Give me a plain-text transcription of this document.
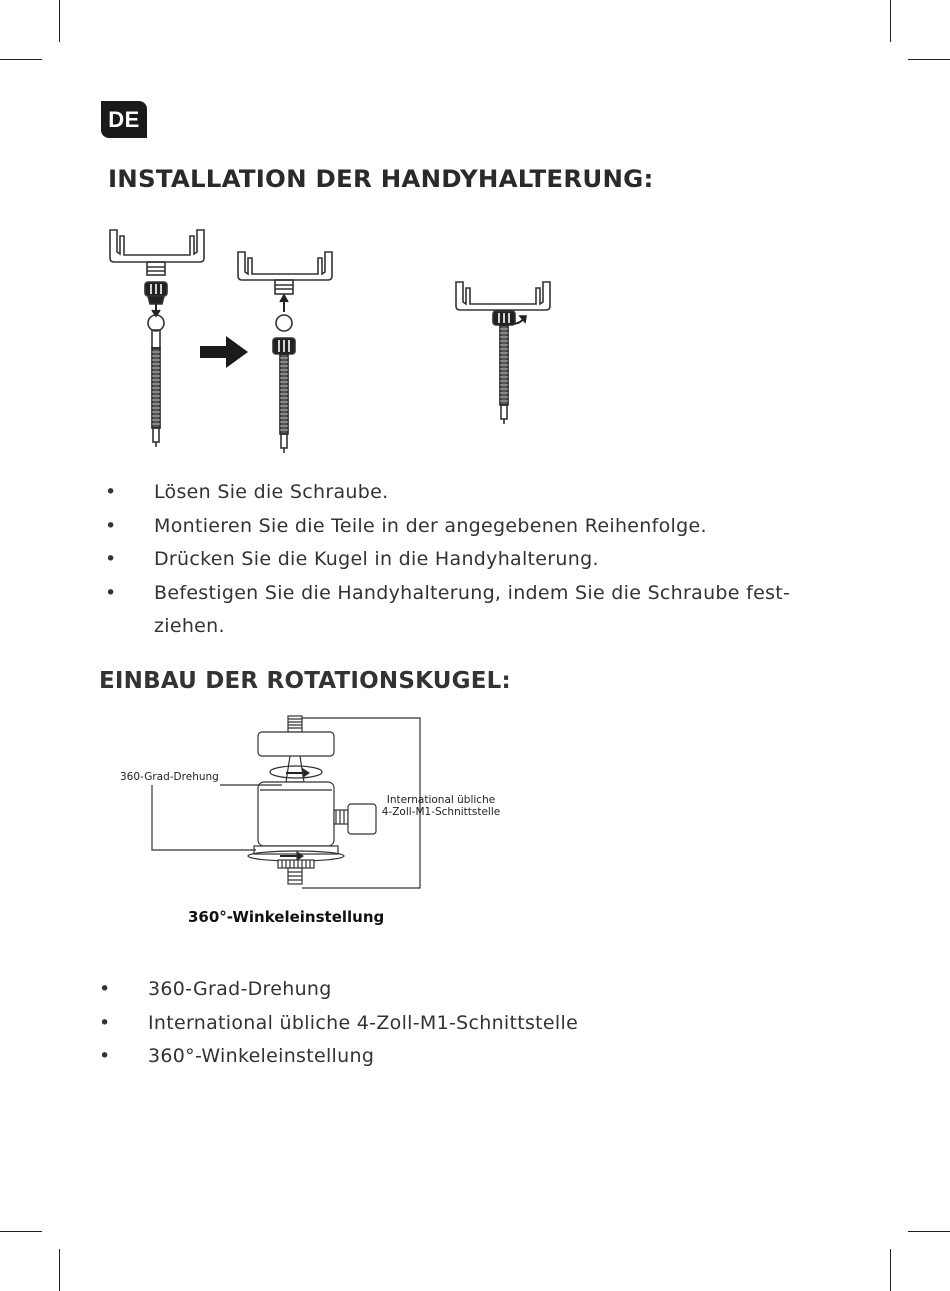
DE
INSTALLATION DER HANDYHALTERUNG:
•	Lösen Sie die Schraube.
•	Montieren Sie die Teile in der angegebenen Reihenfolge.
•	Drücken Sie die Kugel in die Handyhalterung.
•	Befestigen Sie die Handyhalterung, indem Sie die Schraube fest-ziehen.
EINBAU DER ROTATIONSKUGEL:
360-Grad-Drehung
International übliche
4-Zoll-M1-Schnittstelle
360°-Winkeleinstellung
•	360-Grad-Drehung
•	International übliche 4-Zoll-M1-Schnittstelle
•	360°-Winkeleinstellung
